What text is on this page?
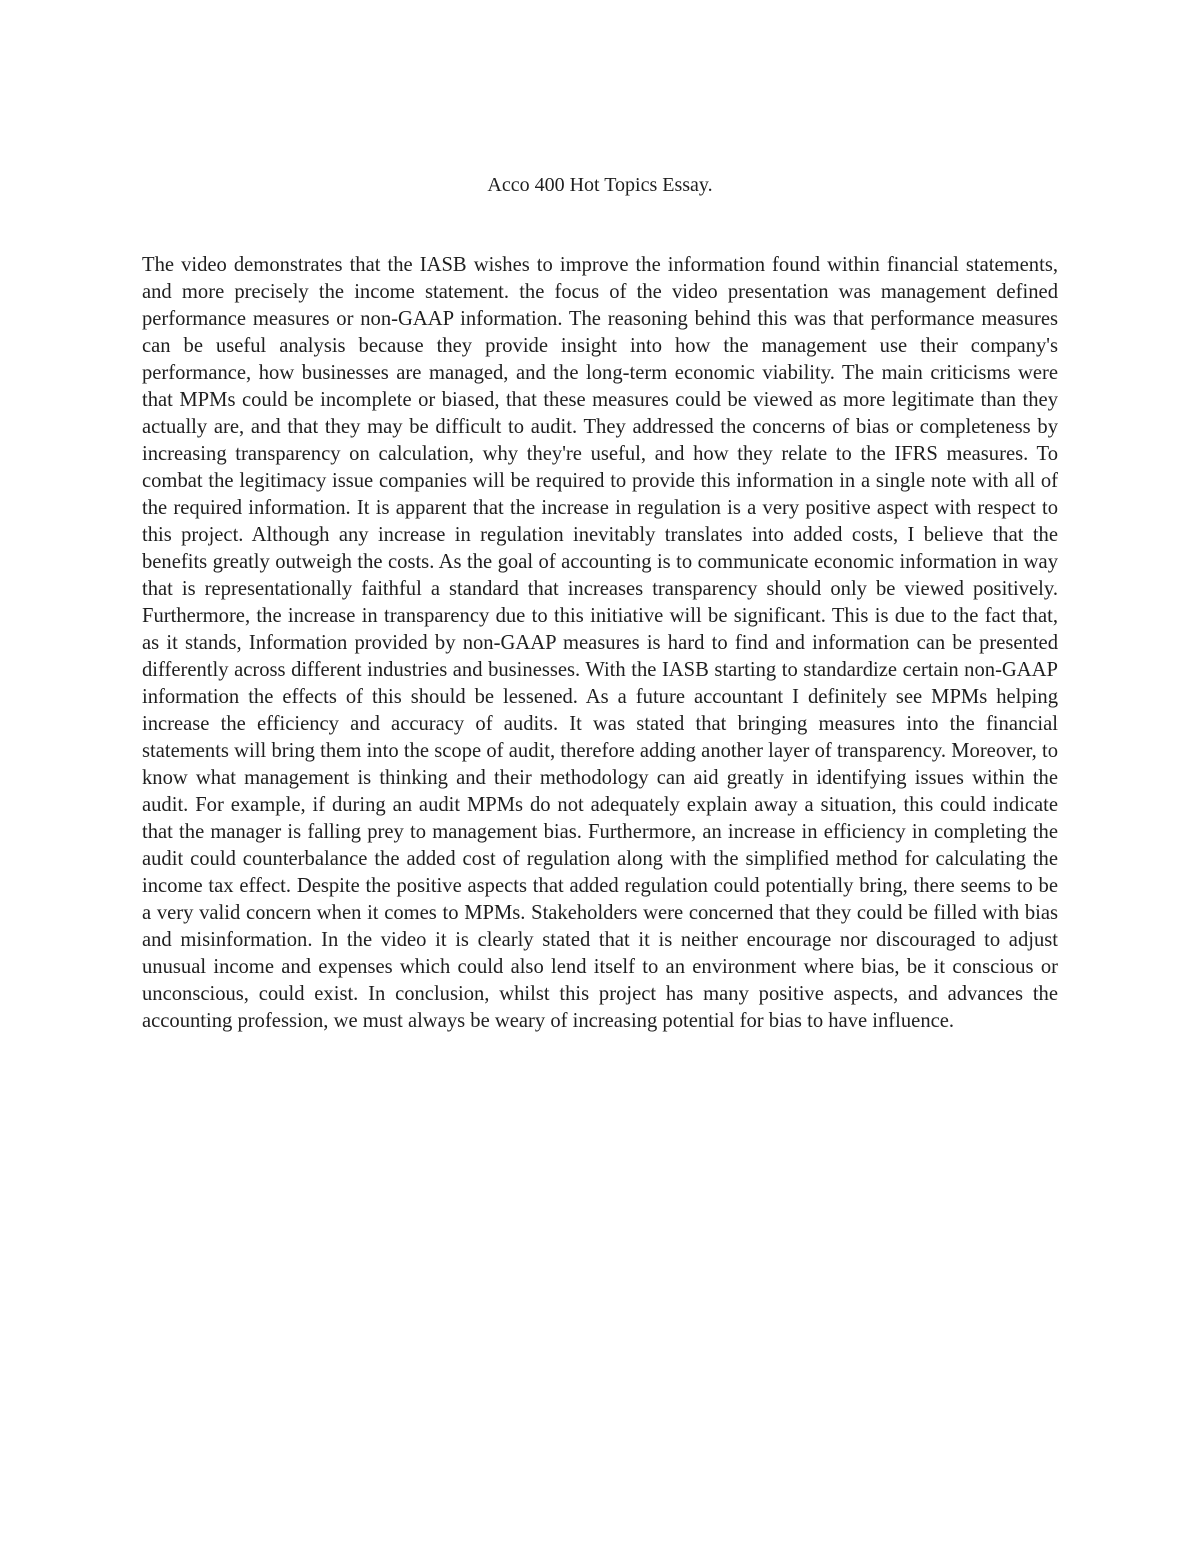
Acco 400 Hot Topics Essay.

The video demonstrates that the IASB wishes to improve the information found within financial statements, and more precisely the income statement. the focus of the video presentation was management defined performance measures or non-GAAP information. The reasoning behind this was that performance measures can be useful analysis because they provide insight into how the management use their company's performance, how businesses are managed, and the long-term economic viability. The main criticisms were that MPMs could be incomplete or biased, that these measures could be viewed as more legitimate than they actually are, and that they may be difficult to audit. They addressed the concerns of bias or completeness by increasing transparency on calculation, why they're useful, and how they relate to the IFRS measures. To combat the legitimacy issue companies will be required to provide this information in a single note with all of the required information. It is apparent that the increase in regulation is a very positive aspect with respect to this project. Although any increase in regulation inevitably translates into added costs, I believe that the benefits greatly outweigh the costs. As the goal of accounting is to communicate economic information in way that is representationally faithful a standard that increases transparency should only be viewed positively. Furthermore, the increase in transparency due to this initiative will be significant. This is due to the fact that, as it stands, Information provided by non-GAAP measures is hard to find and information can be presented differently across different industries and businesses. With the IASB starting to standardize certain non-GAAP information the effects of this should be lessened. As a future accountant I definitely see MPMs helping increase the efficiency and accuracy of audits. It was stated that bringing measures into the financial statements will bring them into the scope of audit, therefore adding another layer of transparency. Moreover, to know what management is thinking and their methodology can aid greatly in identifying issues within the audit. For example, if during an audit MPMs do not adequately explain away a situation, this could indicate that the manager is falling prey to management bias. Furthermore, an increase in efficiency in completing the audit could counterbalance the added cost of regulation along with the simplified method for calculating the income tax effect. Despite the positive aspects that added regulation could potentially bring, there seems to be a very valid concern when it comes to MPMs. Stakeholders were concerned that they could be filled with bias and misinformation. In the video it is clearly stated that it is neither encourage nor discouraged to adjust unusual income and expenses which could also lend itself to an environment where bias, be it conscious or unconscious, could exist. In conclusion, whilst this project has many positive aspects, and advances the accounting profession, we must always be weary of increasing potential for bias to have influence.
